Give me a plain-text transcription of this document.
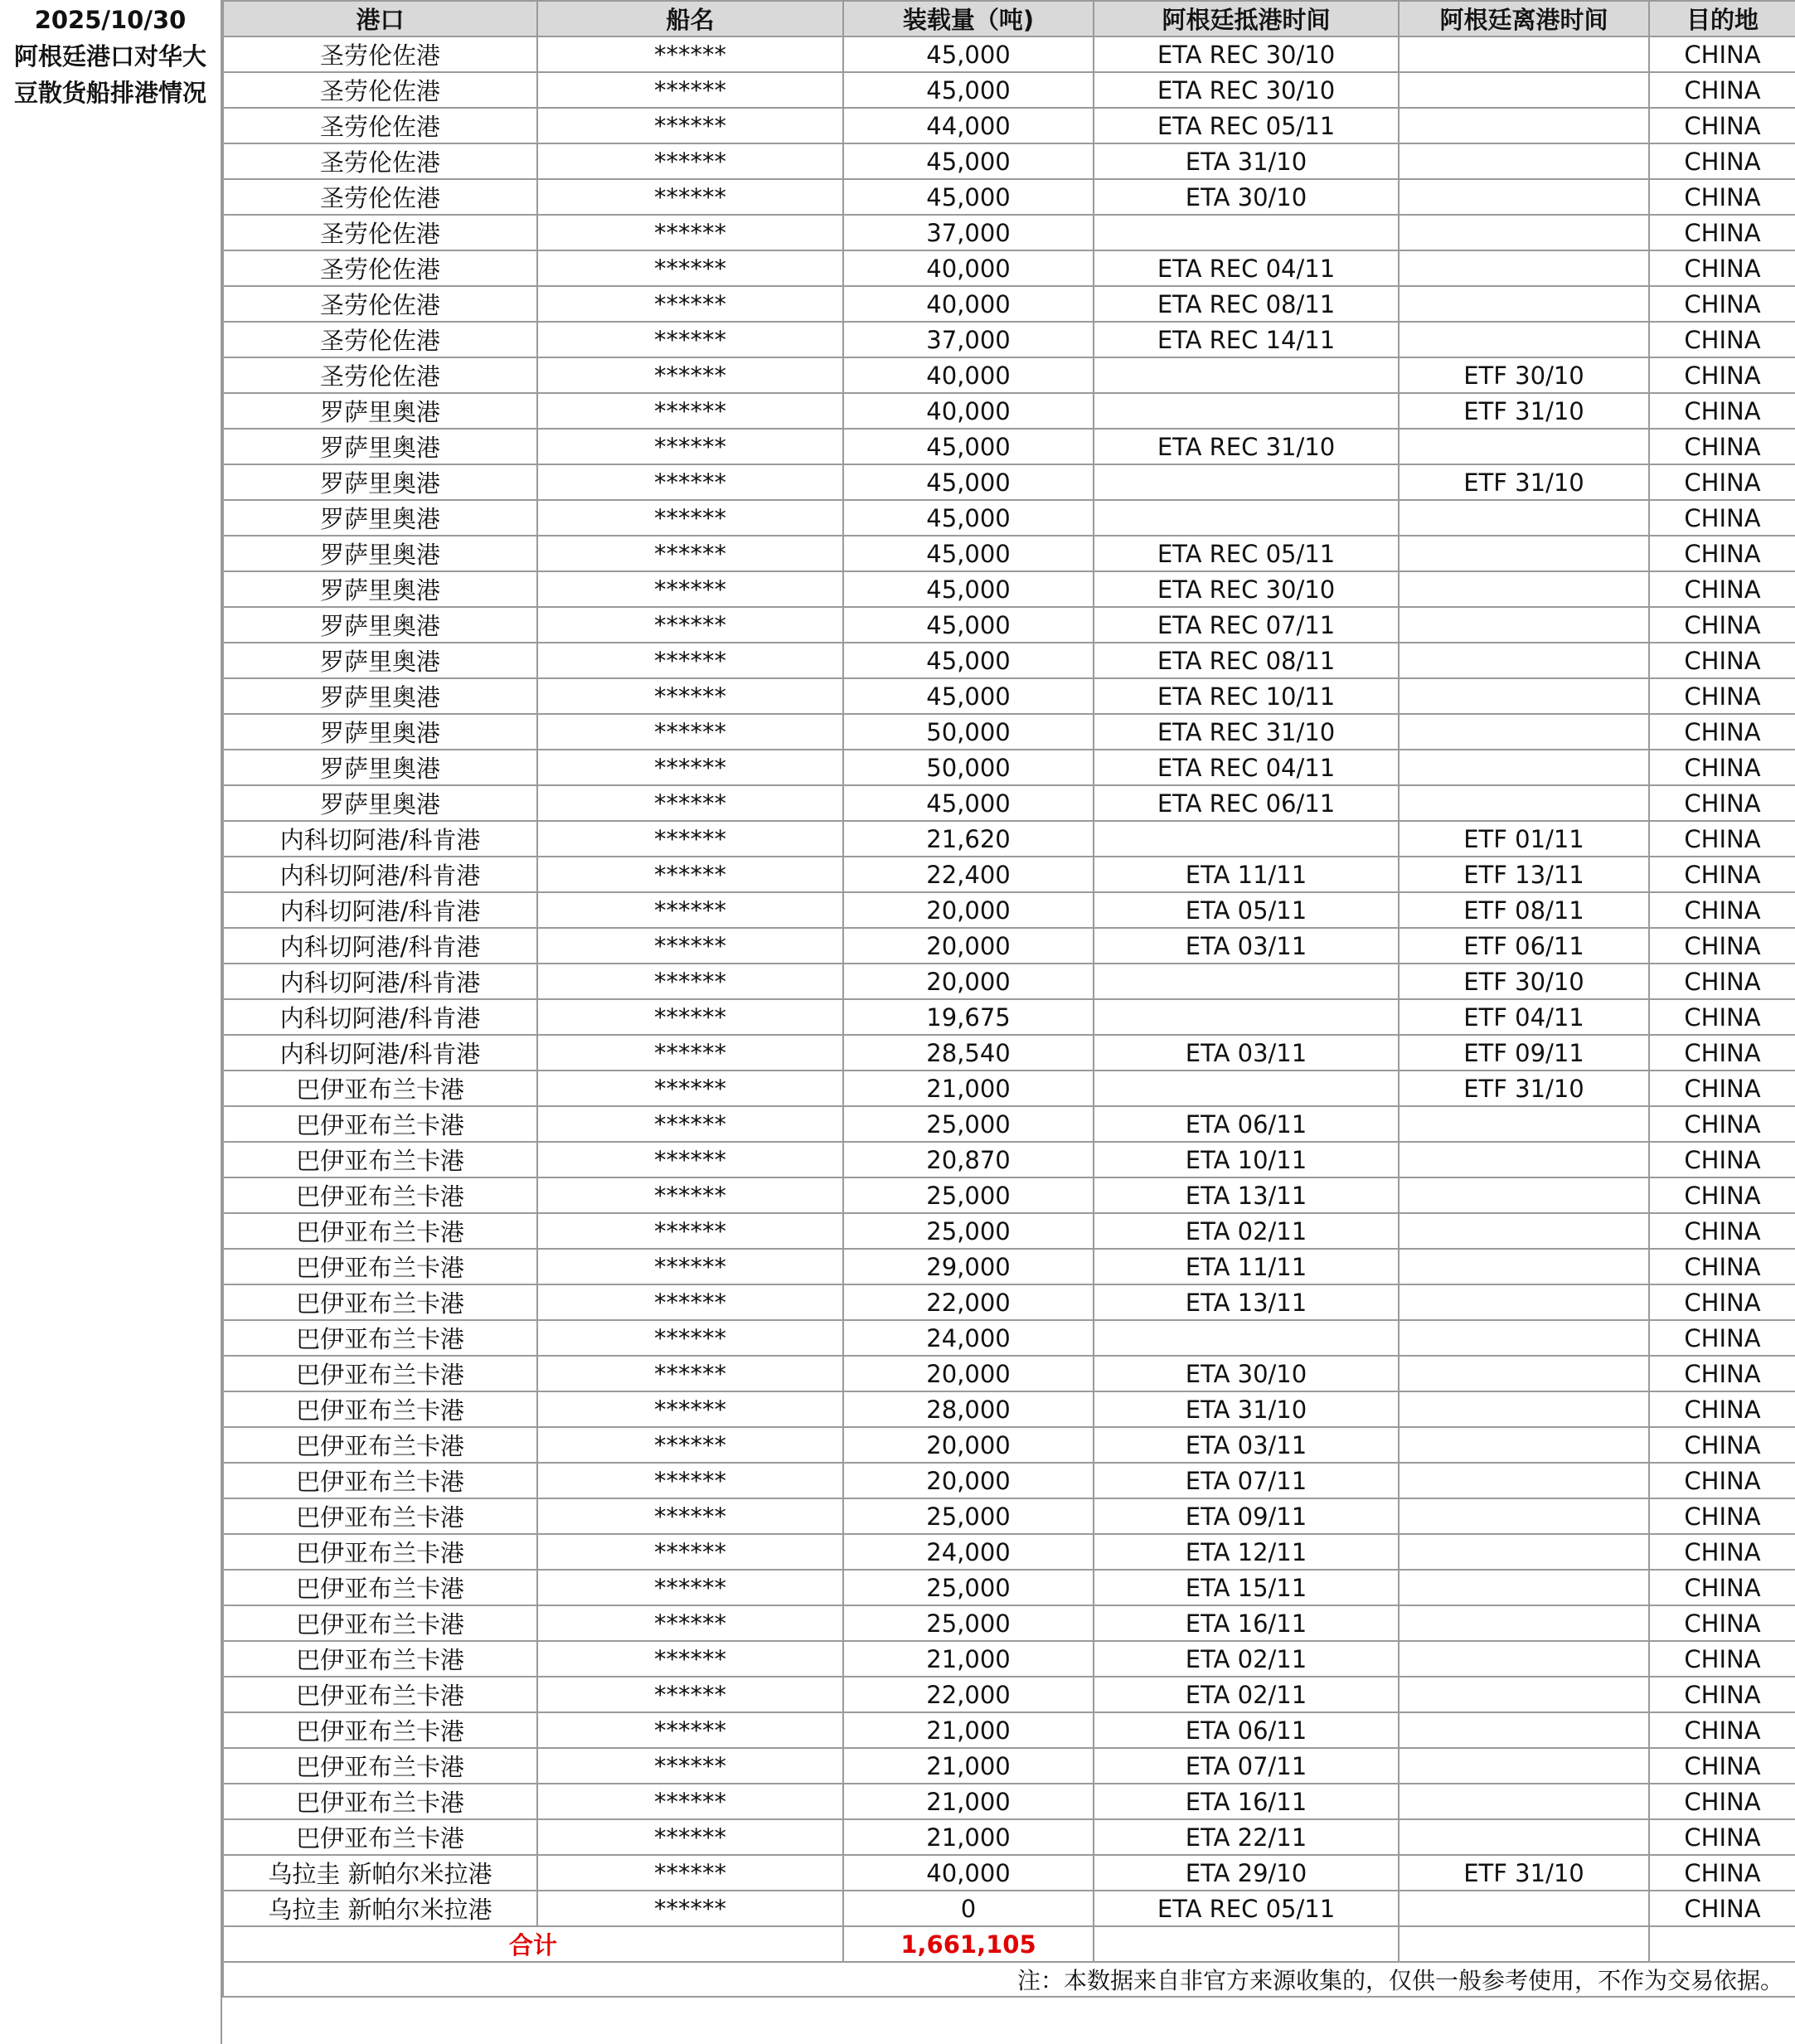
2025/10/30
阿根廷港口对华大
豆散货船排港情况
港口	船名	装载量（吨)	阿根廷抵港时间	阿根廷离港时间	目的地
圣劳伦佐港	******	45,000	ETA REC 30/10		CHINA
圣劳伦佐港	******	45,000	ETA REC 30/10		CHINA
圣劳伦佐港	******	44,000	ETA REC 05/11		CHINA
圣劳伦佐港	******	45,000	ETA 31/10		CHINA
圣劳伦佐港	******	45,000	ETA 30/10		CHINA
圣劳伦佐港	******	37,000			CHINA
圣劳伦佐港	******	40,000	ETA REC 04/11		CHINA
圣劳伦佐港	******	40,000	ETA REC 08/11		CHINA
圣劳伦佐港	******	37,000	ETA REC 14/11		CHINA
圣劳伦佐港	******	40,000		ETF 30/10	CHINA
罗萨里奥港	******	40,000		ETF 31/10	CHINA
罗萨里奥港	******	45,000	ETA REC 31/10		CHINA
罗萨里奥港	******	45,000		ETF 31/10	CHINA
罗萨里奥港	******	45,000			CHINA
罗萨里奥港	******	45,000	ETA REC 05/11		CHINA
罗萨里奥港	******	45,000	ETA REC 30/10		CHINA
罗萨里奥港	******	45,000	ETA REC 07/11		CHINA
罗萨里奥港	******	45,000	ETA REC 08/11		CHINA
罗萨里奥港	******	45,000	ETA REC 10/11		CHINA
罗萨里奥港	******	50,000	ETA REC 31/10		CHINA
罗萨里奥港	******	50,000	ETA REC 04/11		CHINA
罗萨里奥港	******	45,000	ETA REC 06/11		CHINA
内科切阿港/科肯港	******	21,620		ETF 01/11	CHINA
内科切阿港/科肯港	******	22,400	ETA 11/11	ETF 13/11	CHINA
内科切阿港/科肯港	******	20,000	ETA 05/11	ETF 08/11	CHINA
内科切阿港/科肯港	******	20,000	ETA 03/11	ETF 06/11	CHINA
内科切阿港/科肯港	******	20,000		ETF 30/10	CHINA
内科切阿港/科肯港	******	19,675		ETF 04/11	CHINA
内科切阿港/科肯港	******	28,540	ETA 03/11	ETF 09/11	CHINA
巴伊亚布兰卡港	******	21,000		ETF 31/10	CHINA
巴伊亚布兰卡港	******	25,000	ETA 06/11		CHINA
巴伊亚布兰卡港	******	20,870	ETA 10/11		CHINA
巴伊亚布兰卡港	******	25,000	ETA 13/11		CHINA
巴伊亚布兰卡港	******	25,000	ETA 02/11		CHINA
巴伊亚布兰卡港	******	29,000	ETA 11/11		CHINA
巴伊亚布兰卡港	******	22,000	ETA 13/11		CHINA
巴伊亚布兰卡港	******	24,000			CHINA
巴伊亚布兰卡港	******	20,000	ETA 30/10		CHINA
巴伊亚布兰卡港	******	28,000	ETA 31/10		CHINA
巴伊亚布兰卡港	******	20,000	ETA 03/11		CHINA
巴伊亚布兰卡港	******	20,000	ETA 07/11		CHINA
巴伊亚布兰卡港	******	25,000	ETA 09/11		CHINA
巴伊亚布兰卡港	******	24,000	ETA 12/11		CHINA
巴伊亚布兰卡港	******	25,000	ETA 15/11		CHINA
巴伊亚布兰卡港	******	25,000	ETA 16/11		CHINA
巴伊亚布兰卡港	******	21,000	ETA 02/11		CHINA
巴伊亚布兰卡港	******	22,000	ETA 02/11		CHINA
巴伊亚布兰卡港	******	21,000	ETA 06/11		CHINA
巴伊亚布兰卡港	******	21,000	ETA 07/11		CHINA
巴伊亚布兰卡港	******	21,000	ETA 16/11		CHINA
巴伊亚布兰卡港	******	21,000	ETA 22/11		CHINA
乌拉圭 新帕尔米拉港	******	40,000	ETA 29/10	ETF 31/10	CHINA
乌拉圭 新帕尔米拉港	******	0	ETA REC 05/11		CHINA
合计		1,661,105			
注：本数据来自非官方来源收集的，仅供一般参考使用，不作为交易依据。					
